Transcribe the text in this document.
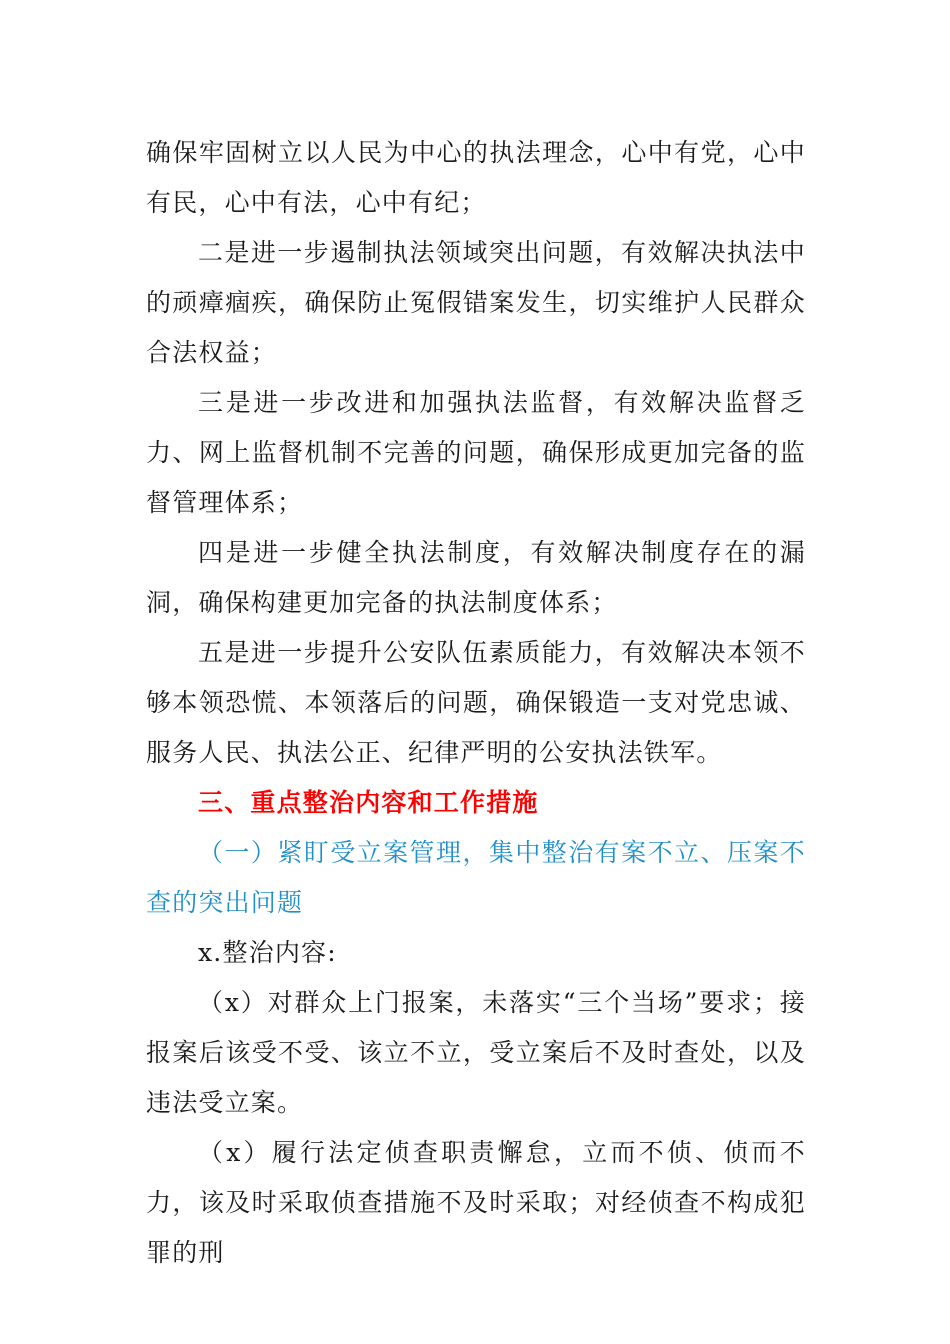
确保牢固树立以人民为中心的执法理念，心中有党，心中有民，心中有法，心中有纪；

二是进一步遏制执法领域突出问题，有效解决执法中的顽瘴痼疾，确保防止冤假错案发生，切实维护人民群众合法权益；

三是进一步改进和加强执法监督，有效解决监督乏力、网上监督机制不完善的问题，确保形成更加完备的监督管理体系；

四是进一步健全执法制度，有效解决制度存在的漏洞，确保构建更加完备的执法制度体系；

五是进一步提升公安队伍素质能力，有效解决本领不够本领恐慌、本领落后的问题，确保锻造一支对党忠诚、服务人民、执法公正、纪律严明的公安执法铁军。

三、重点整治内容和工作措施

（一）紧盯受立案管理，集中整治有案不立、压案不查的突出问题

x.整治内容:

（x）对群众上门报案，未落实“三个当场”要求；接报案后该受不受、该立不立，受立案后不及时查处，以及违法受立案。

（x）履行法定侦查职责懈怠，立而不侦、侦而不力，该及时采取侦查措施不及时采取；对经侦查不构成犯罪的刑
